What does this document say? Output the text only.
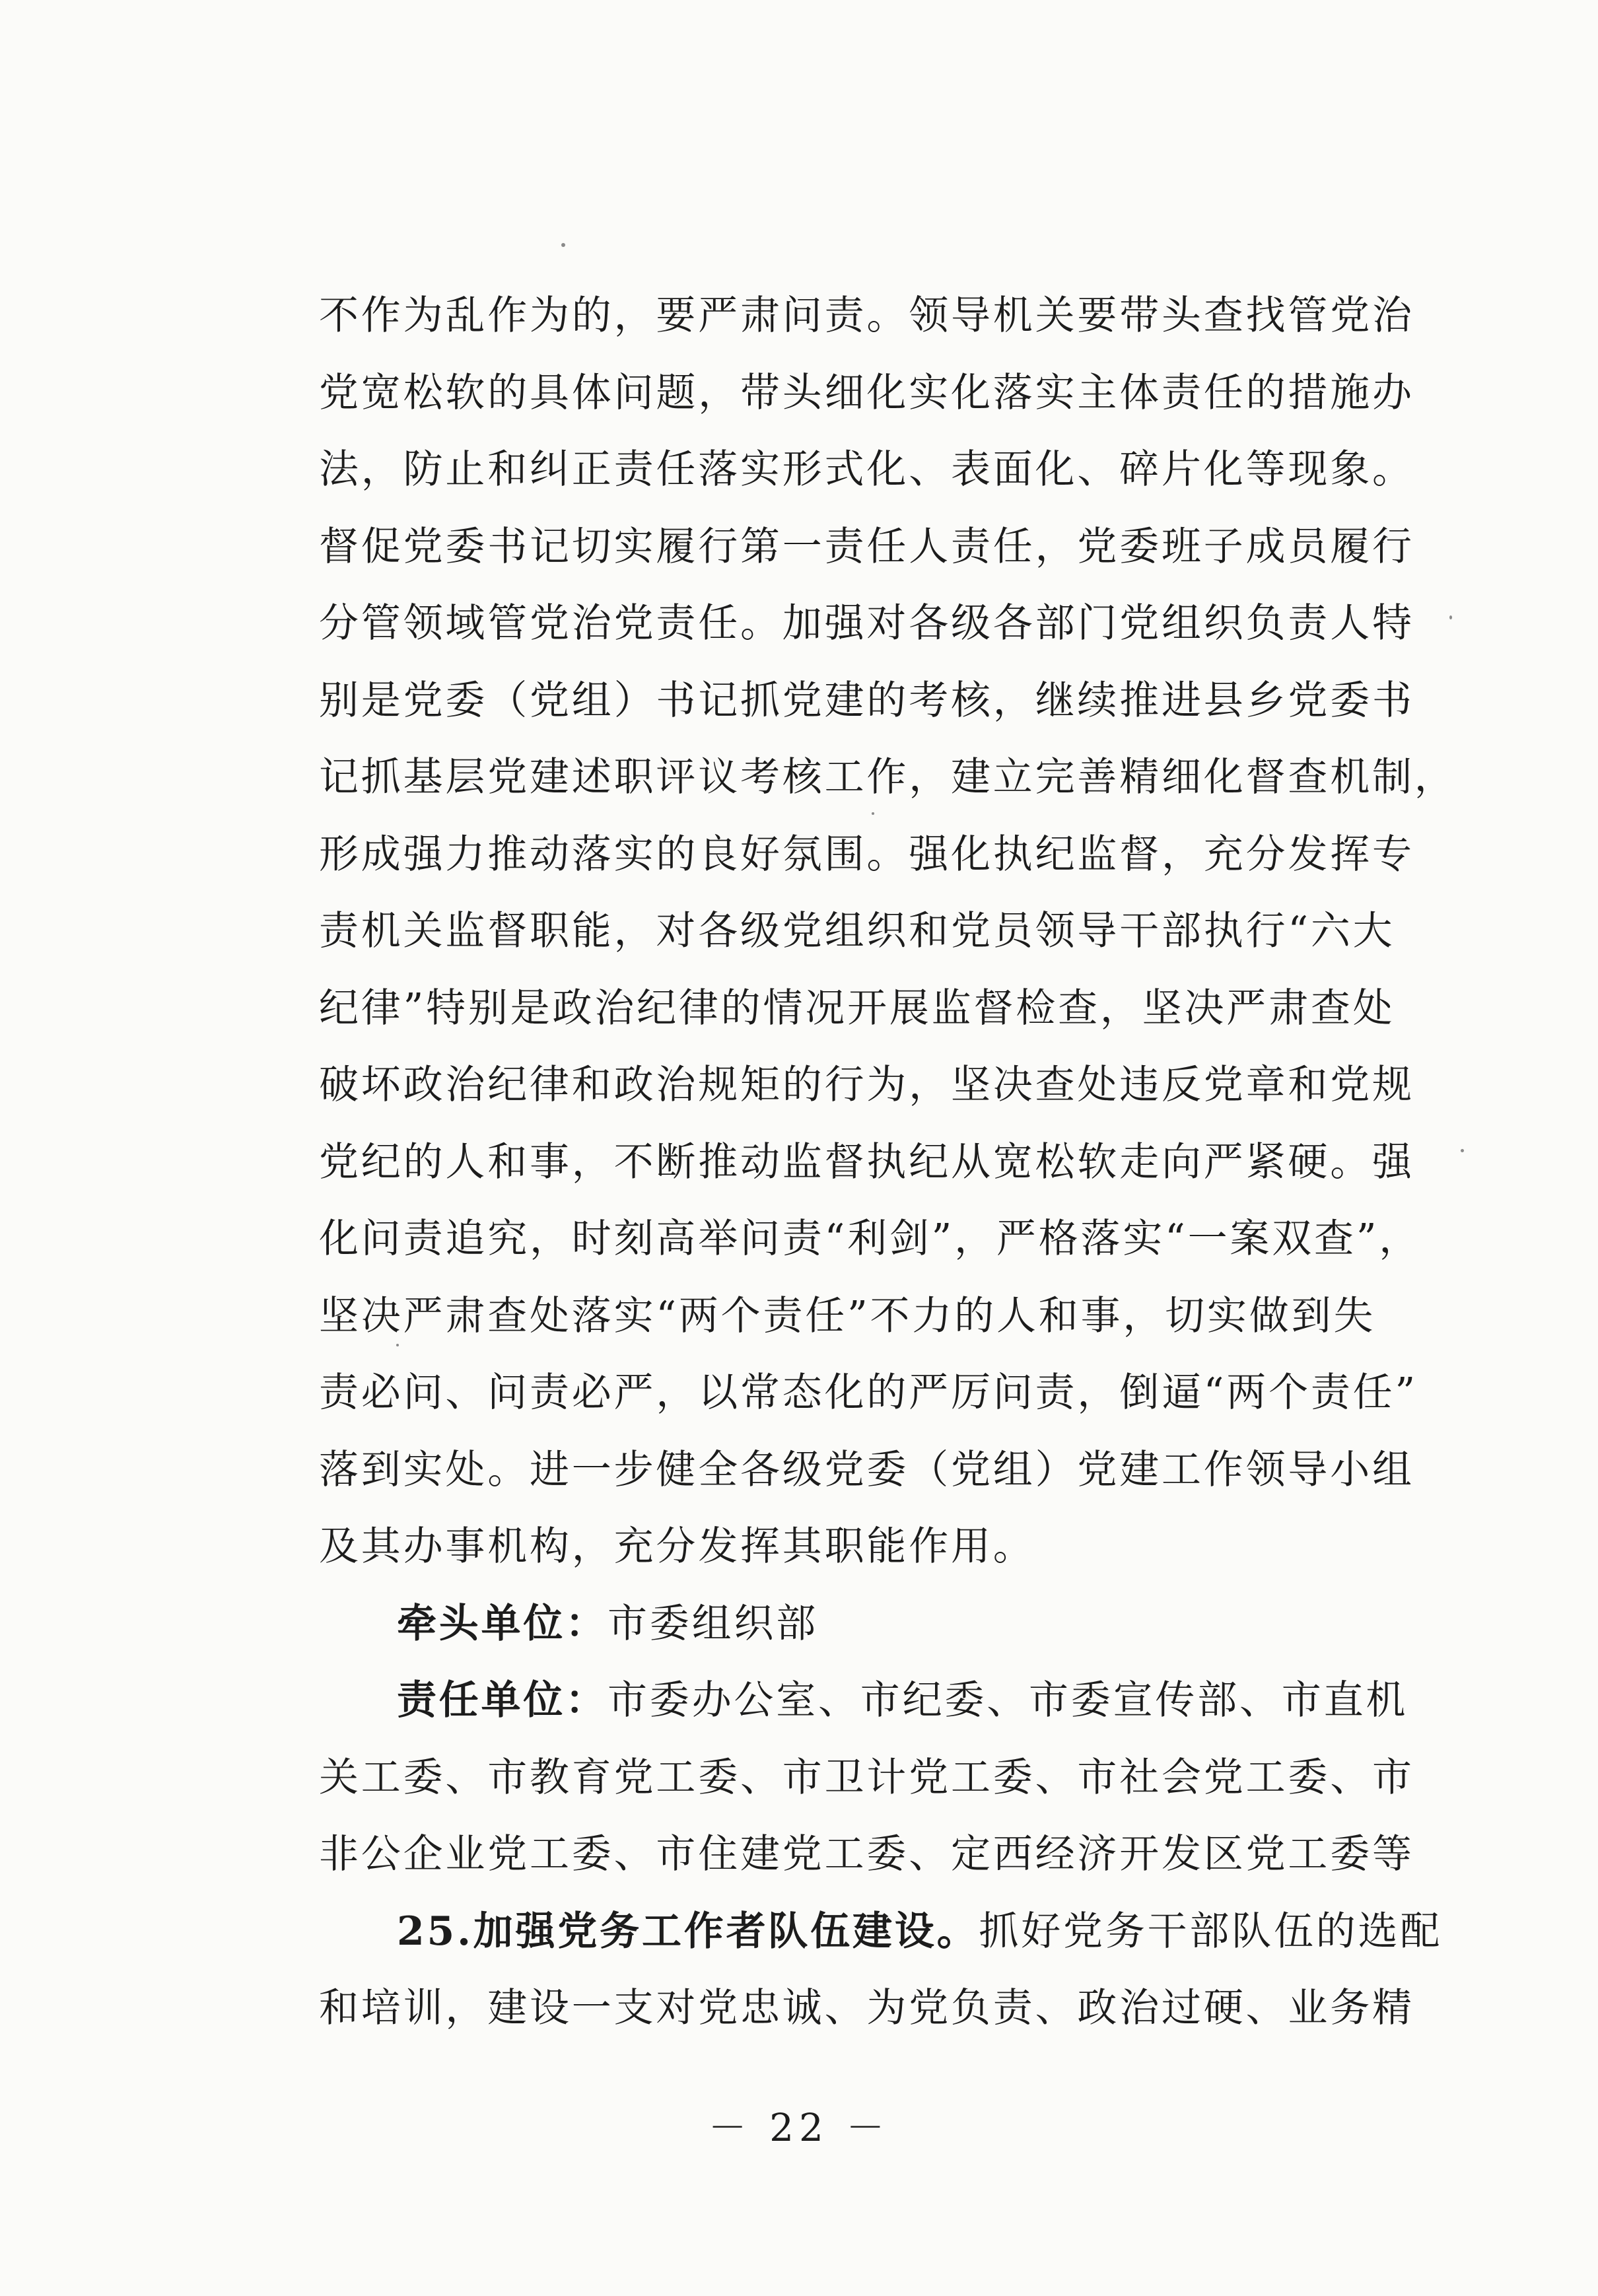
不作为乱作为的，要严肃问责。领导机关要带头查找管党治
党宽松软的具体问题，带头细化实化落实主体责任的措施办
法，防止和纠正责任落实形式化、表面化、碎片化等现象。
督促党委书记切实履行第一责任人责任，党委班子成员履行
分管领域管党治党责任。加强对各级各部门党组织负责人特
别是党委（党组）书记抓党建的考核，继续推进县乡党委书
记抓基层党建述职评议考核工作，建立完善精细化督查机制，
形成强力推动落实的良好氛围。强化执纪监督，充分发挥专
责机关监督职能，对各级党组织和党员领导干部执行“六大
纪律”特别是政治纪律的情况开展监督检查，坚决严肃查处
破坏政治纪律和政治规矩的行为，坚决查处违反党章和党规
党纪的人和事，不断推动监督执纪从宽松软走向严紧硬。强
化问责追究，时刻高举问责“利剑”，严格落实“一案双查”，
坚决严肃查处落实“两个责任”不力的人和事，切实做到失
责必问、问责必严，以常态化的严厉问责，倒逼“两个责任”
落到实处。进一步健全各级党委（党组）党建工作领导小组
及其办事机构，充分发挥其职能作用。
牵头单位：市委组织部
责任单位：市委办公室、市纪委、市委宣传部、市直机
关工委、市教育党工委、市卫计党工委、市社会党工委、市
非公企业党工委、市住建党工委、定西经济开发区党工委等
25.加强党务工作者队伍建设。抓好党务干部队伍的选配
和培训，建设一支对党忠诚、为党负责、政治过硬、业务精
－ 22 －
